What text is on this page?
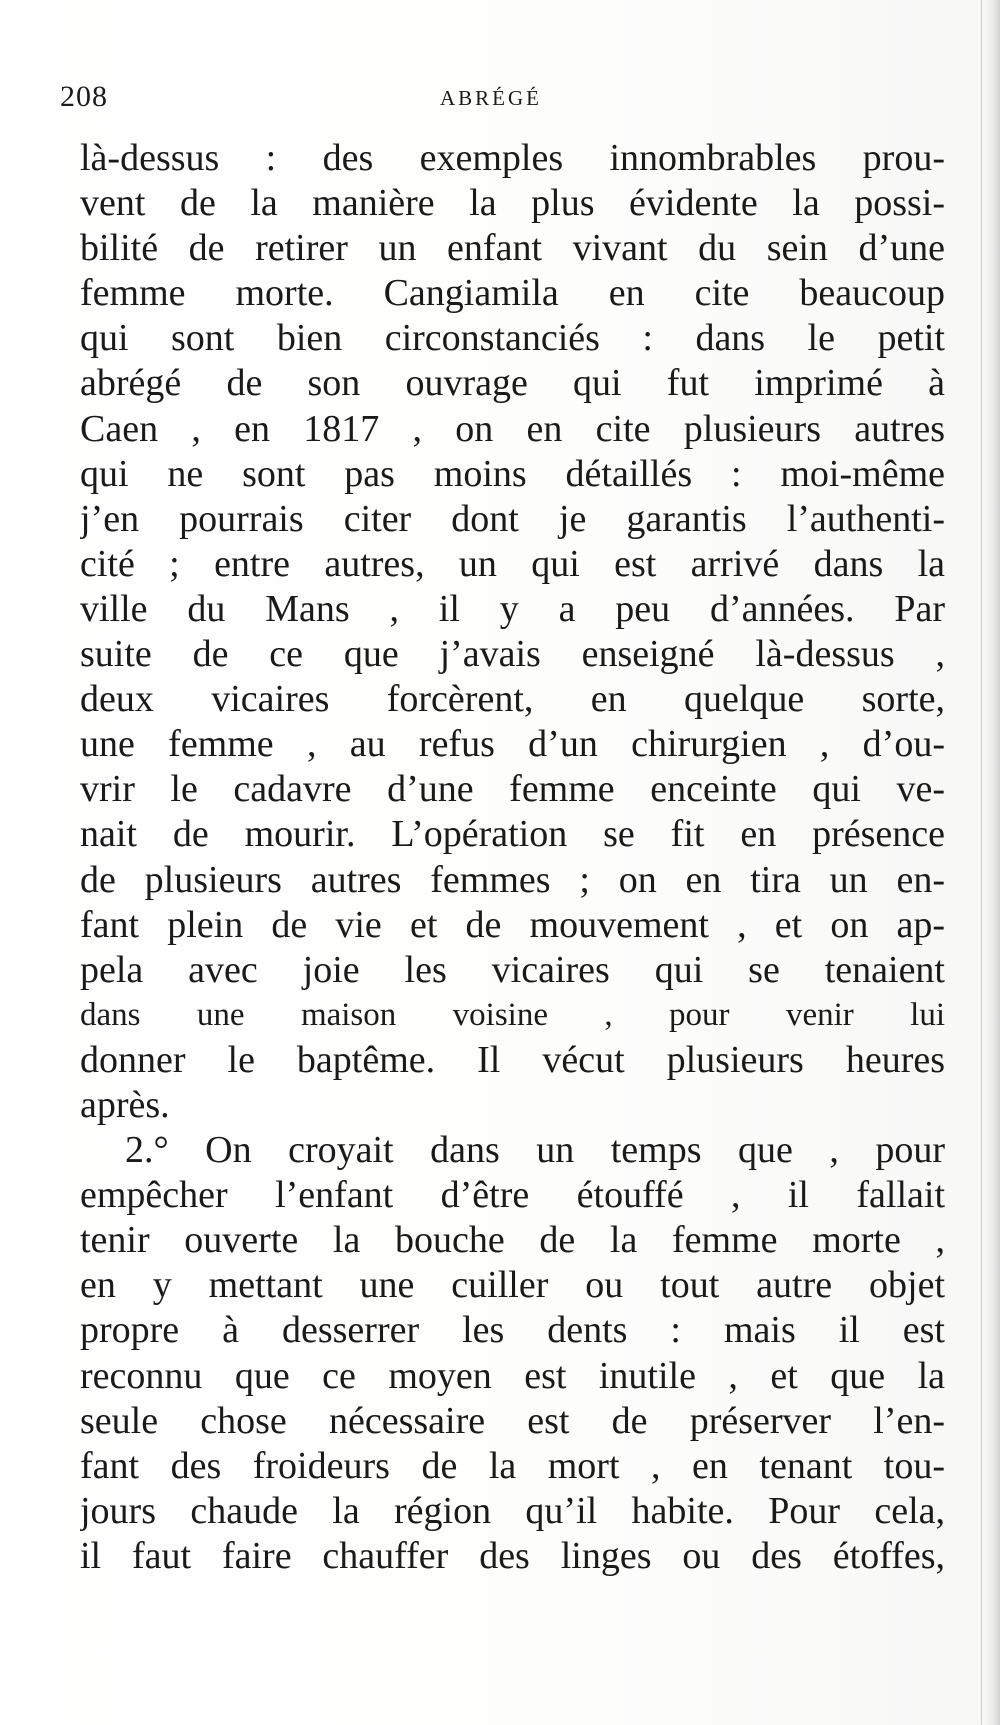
208	ABRÉGÉ
là-dessus : des exemples innombrables prou-
vent de la manière la plus évidente la possi-
bilité de retirer un enfant vivant du sein d’une
femme morte. Cangiamila en cite beaucoup
qui sont bien circonstanciés : dans le petit
abrégé de son ouvrage qui fut imprimé à
Caen , en 1817 , on en cite plusieurs autres
qui ne sont pas moins détaillés : moi-même
j’en pourrais citer dont je garantis l’authenti-
cité ; entre autres, un qui est arrivé dans la
ville du Mans , il y a peu d’années. Par
suite de ce que j’avais enseigné là-dessus ,
deux vicaires forcèrent, en quelque sorte,
une femme , au refus d’un chirurgien , d’ou-
vrir le cadavre d’une femme enceinte qui ve-
nait de mourir. L’opération se fit en présence
de plusieurs autres femmes ; on en tira un en-
fant plein de vie et de mouvement , et on ap-
pela avec joie les vicaires qui se tenaient
dans une maison voisine , pour venir lui
donner le baptême. Il vécut plusieurs heures
après.
2.° On croyait dans un temps que , pour
empêcher l’enfant d’être étouffé , il fallait
tenir ouverte la bouche de la femme morte ,
en y mettant une cuiller ou tout autre objet
propre à desserrer les dents : mais il est
reconnu que ce moyen est inutile , et que la
seule chose nécessaire est de préserver l’en-
fant des froideurs de la mort , en tenant tou-
jours chaude la région qu’il habite. Pour cela,
il faut faire chauffer des linges ou des étoffes,
